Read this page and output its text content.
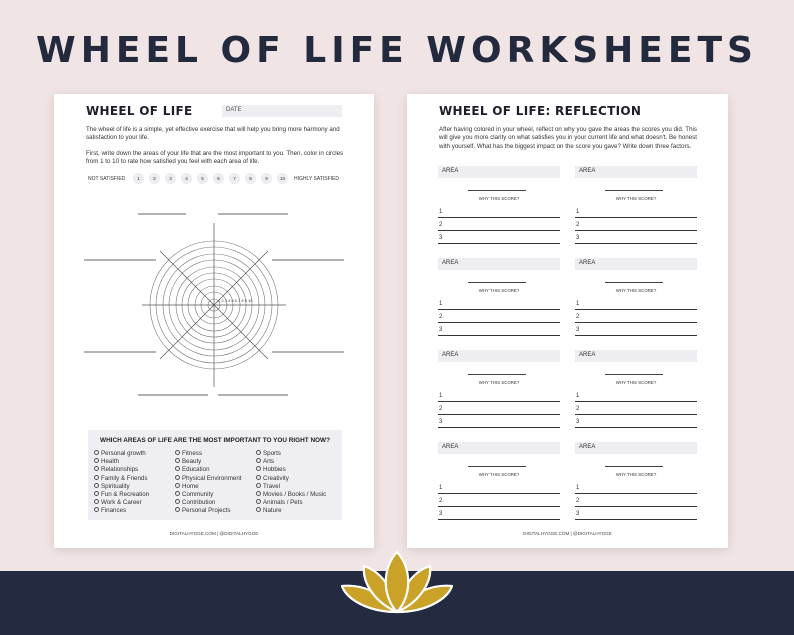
WHEEL OF LIFE WORKSHEETS
WHEEL OF LIFE	DATE
The wheel of life is a simple, yet effective exercise that will help you bring more harmony and satisfaction to your life.
First, write down the areas of your life that are the most important to you. Then, color in circles from 1 to 10 to rate how satisfied you feel with each area of life.
NOT SATISFIED	1	2	3	4	5	6	7	8	9	10	HIGHLY SATISFIED
1 2 3 4 5 6 7 8 9 10
WHICH AREAS OF LIFE ARE THE MOST IMPORTANT TO YOU RIGHT NOW?
Personal growth
Health
Relationships
Family & Friends
Spirituality
Fun & Recreation
Work & Career
Finances
Fitness
Beauty
Education
Physical Environment
Home
Community
Contribution
Personal Projects
Sports
Arts
Hobbies
Creativity
Travel
Movies / Books / Music
Animals / Pets
Nature
DIGITALHYGGE.COM | @DIGITALHYGGE
WHEEL OF LIFE: REFLECTION
After having colored in your wheel, reflect on why you gave the areas the scores you did. This will give you more clarity on what satisfies you in your current life and what doesn't. Be honest with yourself. What has the biggest impact on the score you gave? Write down three factors.
AREA
WHY THIS SCORE?
1
2
3
AREA
WHY THIS SCORE?
1
2
3
AREA
WHY THIS SCORE?
1
2
3
AREA
WHY THIS SCORE?
1
2
3
AREA
WHY THIS SCORE?
1
2
3
AREA
WHY THIS SCORE?
1
2
3
AREA
WHY THIS SCORE?
1
2
3
AREA
WHY THIS SCORE?
1
2
3
DIGITALHYGGE.COM | @DIGITALHYGGE
